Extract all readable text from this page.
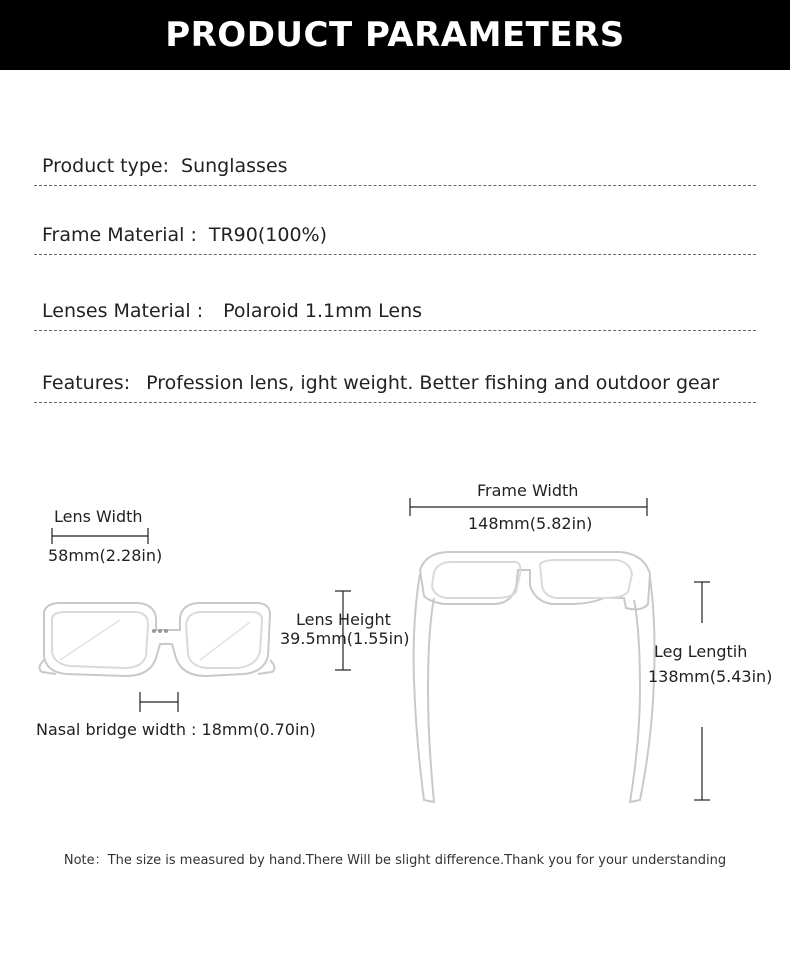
PRODUCT PARAMETERS
Product type: Sunglasses
Frame Material : TR90(100%)
Lenses Material : Polaroid 1.1mm Lens
Features: Profession lens, ight weight. Better fishing and outdoor gear
Lens Width
58mm(2.28in)
Lens Height
39.5mm(1.55in)
Nasal bridge width : 18mm(0.70in)
Frame Width
148mm(5.82in)
Leg Lengtih
138mm(5.43in)
Note：The size is measured by hand.There Will be slight difference.Thank you for your understanding
